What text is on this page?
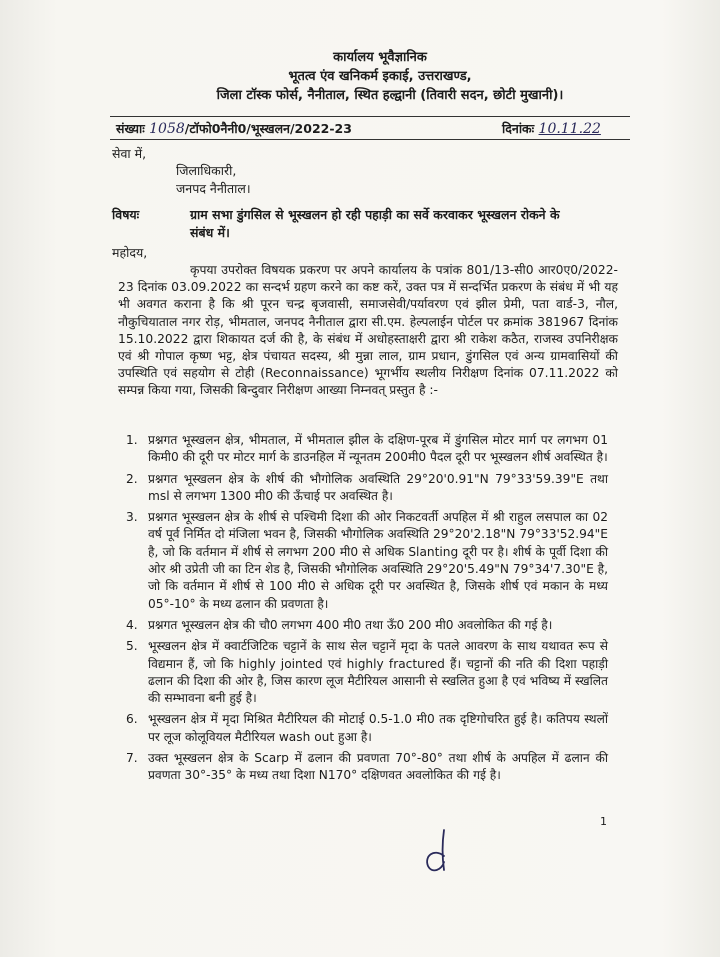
कार्यालय भूवैज्ञानिक
भूतत्व एंव खनिकर्म इकाई, उत्तराखण्ड,
जिला टॉस्क फोर्स, नैनीताल, स्थित हल्द्वानी (तिवारी सदन, छोटी मुखानी)।
संख्याः 1058/टॉफो0नैनी0/भूस्खलन/2022-23	दिनांकः 10.11.22
सेवा में,
जिलाधिकारी,
जनपद नैनीताल।
विषयः	ग्राम सभा डुंगसिल से भूस्खलन हो रही पहाड़ी का सर्वे करवाकर भूस्खलन रोकने के
संबंध में।
महोदय,

कृपया उपरोक्त विषयक प्रकरण पर अपने कार्यालय के पत्रांक 801/13-सी0 आर0ए0/2022-23 दिनांक 03.09.2022 का सन्दर्भ ग्रहण करने का कष्ट करें, उक्त पत्र में सन्दर्भित प्रकरण के संबंध में भी यह भी अवगत कराना है कि श्री पूरन चन्द्र बृजवासी, समाजसेवी/पर्यावरण एवं झील प्रेमी, पता वार्ड-3, नौल, नौकुचियाताल नगर रोड़, भीमताल, जनपद नैनीताल द्वारा सी.एम. हेल्पलाईन पोर्टल पर क्रमांक 381967 दिनांक 15.10.2022 द्वारा शिकायत दर्ज की है, के संबंध में अधोहस्ताक्षरी द्वारा श्री राकेश कठैत, राजस्व उपनिरीक्षक एवं श्री गोपाल कृष्ण भट्ट, क्षेत्र पंचायत सदस्य, श्री मुन्ना लाल, ग्राम प्रधान, डुंगसिल एवं अन्य ग्रामवासियों की उपस्थिति एवं सहयोग से टोही (Reconnaissance) भूगर्भीय स्थलीय निरीक्षण दिनांक 07.11.2022 को सम्पन्न किया गया, जिसकी बिन्दुवार निरीक्षण आख्या निम्नवत् प्रस्तुत है :-

1. प्रश्नगत भूस्खलन क्षेत्र, भीमताल, में भीमताल झील के दक्षिण-पूरब में डुंगसिल मोटर मार्ग पर लगभग 01 किमी0 की दूरी पर मोटर मार्ग के डाउनहिल में न्यूनतम 200मी0 पैदल दूरी पर भूस्खलन शीर्ष अवस्थित है।
2. प्रश्नगत भूस्खलन क्षेत्र के शीर्ष की भौगोलिक अवस्थिति 29°20'0.91"N 79°33'59.39"E तथा msl से लगभग 1300 मी0 की ऊँचाई पर अवस्थित है।
3. प्रश्नगत भूस्खलन क्षेत्र के शीर्ष से पश्चिमी दिशा की ओर निकटवर्ती अपहिल में श्री राहुल लसपाल का 02 वर्ष पूर्व निर्मित दो मंजिला भवन है, जिसकी भौगोलिक अवस्थिति 29°20'2.18"N 79°33'52.94"E है, जो कि वर्तमान में शीर्ष से लगभग 200 मी0 से अधिक Slanting दूरी पर है। शीर्ष के पूर्वी दिशा की ओर श्री उप्रेती जी का टिन शेड है, जिसकी भौगोलिक अवस्थिति 29°20'5.49"N 79°34'7.30"E है, जो कि वर्तमान में शीर्ष से 100 मी0 से अधिक दूरी पर अवस्थित है, जिसके शीर्ष एवं मकान के मध्य 05°-10° के मध्य ढलान की प्रवणता है।
4. प्रश्नगत भूस्खलन क्षेत्र की चौ0 लगभग 400 मी0 तथा ऊँ0 200 मी0 अवलोकित की गई है।
5. भूस्खलन क्षेत्र में क्वार्टजिटिक चट्टानें के साथ सेल चट्टानें मृदा के पतले आवरण के साथ यथावत रूप से विद्यमान हैं, जो कि highly jointed एवं highly fractured हैं। चट्टानों की नति की दिशा पहाड़ी ढलान की दिशा की ओर है, जिस कारण लूज मैटीरियल आसानी से स्खलित हुआ है एवं भविष्य में स्खलित की सम्भावना बनी हुई है।
6. भूस्खलन क्षेत्र में मृदा मिश्रित मैटीरियल की मोटाई 0.5-1.0 मी0 तक दृष्टिगोचरित हुई है। कतिपय स्थलों पर लूज कोलूवियल मैटीरियल wash out हुआ है।
7. उक्त भूस्खलन क्षेत्र के Scarp में ढलान की प्रवणता 70°-80° तथा शीर्ष के अपहिल में ढलान की प्रवणता 30°-35° के मध्य तथा दिशा N170° दक्षिणवत अवलोकित की गई है।
1
